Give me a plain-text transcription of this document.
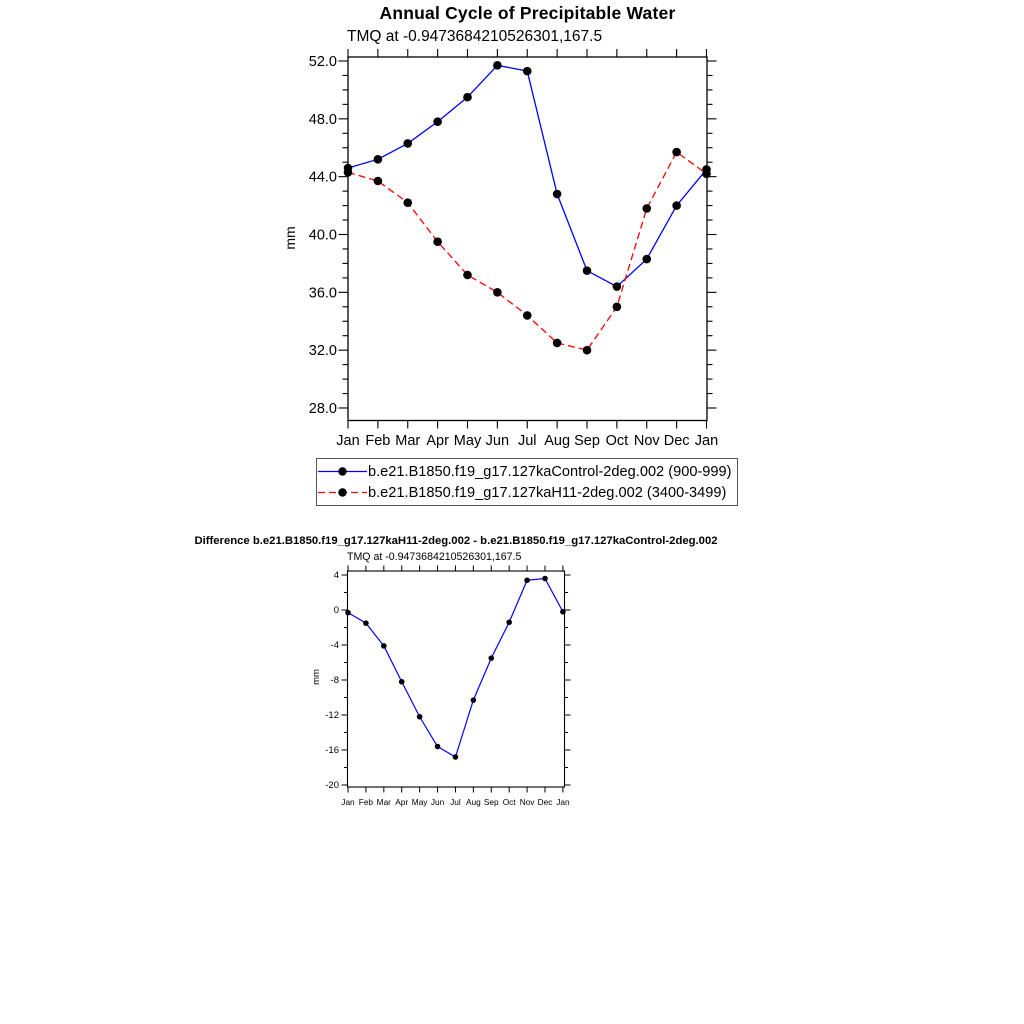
52.0
48.0
44.0
40.0
36.0
32.0
28.0
Jan Feb Mar Apr May Jun Jul Aug Sep Oct Nov Dec Jan
4
0
-4
-8
-12
-16
-20
Jan Feb Mar Apr May Jun Jul Aug Sep Oct Nov Dec Jan
Annual Cycle of Precipitable Water
TMQ at -0.9473684210526301,167.5
mm
b.e21.B1850.f19_g17.127kaControl-2deg.002 (900-999)
b.e21.B1850.f19_g17.127kaH11-2deg.002 (3400-3499)
Difference b.e21.B1850.f19_g17.127kaH11-2deg.002 - b.e21.B1850.f19_g17.127kaControl-2deg.002
TMQ at -0.9473684210526301,167.5
mm
